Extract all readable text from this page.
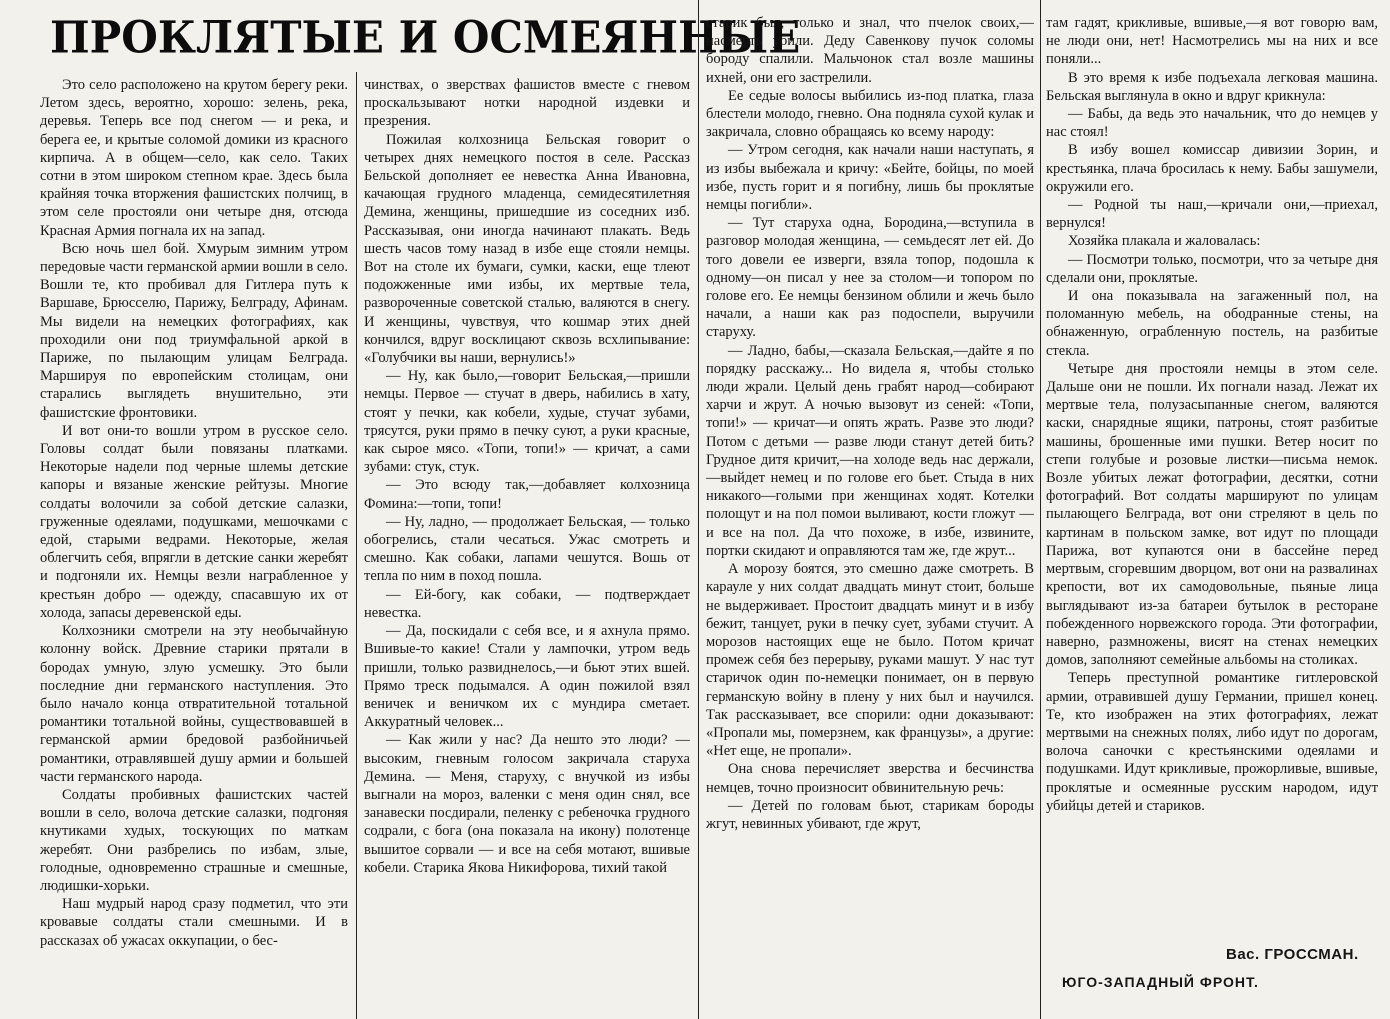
ПРОКЛЯТЫЕ И ОСМЕЯННЫЕ

Это село расположено на крутом берегу реки. Летом здесь, вероятно, хорошо: зелень, река, деревья. Теперь все под снегом — и река, и берега ее, и крытые соломой домики из красного кирпича. А в общем—село, как село. Таких сотни в этом широком степном крае. Здесь была крайняя точка вторжения фашистских полчищ, в этом селе простояли они четыре дня, отсюда Красная Армия погнала их на запад.

Всю ночь шел бой. Хмурым зимним утром передовые части германской армии вошли в село. Вошли те, кто пробивал для Гитлера путь к Варшаве, Брюсселю, Парижу, Белграду, Афинам. Мы видели на немецких фотографиях, как проходили они под триумфальной аркой в Париже, по пылающим улицам Белграда. Маршируя по европейским столицам, они старались выглядеть внушительно, эти фашистские фронтовики.

И вот они-то вошли утром в русское село. Головы солдат были повязаны платками. Некоторые надели под черные шлемы детские капоры и вязаные женские рейтузы. Многие солдаты волочили за собой детские салазки, груженные одеялами, подушками, мешочками с едой, старыми ведрами. Некоторые, желая облегчить себя, впрягли в детские санки жеребят и подгоняли их. Немцы везли награбленное у крестьян добро — одежду, спасавшую их от холода, запасы деревенской еды.

Колхозники смотрели на эту необычайную колонну войск. Древние старики прятали в бородах умную, злую усмешку. Это были последние дни германского наступления. Это было начало конца отвратительной тотальной романтики тотальной войны, существовавшей в германской армии бредовой разбойничьей романтики, отравлявшей душу армии и большей части германского народа.

Солдаты пробивных фашистских частей вошли в село, волоча детские салазки, подгоняя кнутиками худых, тоскующих по маткам жеребят. Они разбрелись по избам, злые, голодные, одновременно страшные и смешные, людишки-хорьки.

Наш мудрый народ сразу подметил, что эти кровавые солдаты стали смешными. И в рассказах об ужасах оккупации, о бес-

чинствах, о зверствах фашистов вместе с гневом проскальзывают нотки народной издевки и презрения.

Пожилая колхозница Бельская говорит о четырех днях немецкого постоя в селе. Рассказ Бельской дополняет ее невестка Анна Ивановна, качающая грудного младенца, семидесятилетняя Демина, женщины, пришедшие из соседних изб. Рассказывая, они иногда начинают плакать. Ведь шесть часов тому назад в избе еще стояли немцы. Вот на столе их бумаги, сумки, каски, еще тлеют подожженные ими избы, их мертвые тела, развороченные советской сталью, валяются в снегу. И женщины, чувствуя, что кошмар этих дней кончился, вдруг восклицают сквозь всхлипывание: «Голубчики вы наши, вернулись!»

— Ну, как было,—говорит Бельская,—пришли немцы. Первое — стучат в дверь, набились в хату, стоят у печки, как кобели, худые, стучат зубами, трясутся, руки прямо в печку суют, а руки красные, как сырое мясо. «Топи, топи!» — кричат, а сами зубами: стук, стук.

— Это всюду так,—добавляет колхозница Фомина:—топи, топи!

— Ну, ладно, — продолжает Бельская, — только обогрелись, стали чесаться. Ужас смотреть и смешно. Как собаки, лапами чешутся. Вошь от тепла по ним в поход пошла.

— Ей-богу, как собаки, — подтверждает невестка.

— Да, поскидали с себя все, и я ахнула прямо. Вшивые-то какие! Стали у лампочки, утром ведь пришли, только развиднелось,—и бьют этих вшей. Прямо треск подымался. А один пожилой взял веничек и веничком их с мундира сметает. Аккуратный человек...

— Как жили у нас? Да нешто это люди? — высоким, гневным голосом закричала старуха Демина. — Меня, старуху, с внучкой из избы выгнали на мороз, валенки с меня один снял, все занавески посдирали, пеленку с ребеночка грудного содрали, с бога (она показала на икону) полотенце вышитое сорвали — и все на себя мотают, вшивые кобели. Старика Якова Никифорова, тихий такой

старик был, только и знал, что пчелок своих,—насмерть убили. Деду Савенкову пучок соломы бороду спалили. Мальчонок стал возле машины ихней, они его застрелили.

Ее седые волосы выбились из-под платка, глаза блестели молодо, гневно. Она подняла сухой кулак и закричала, словно обращаясь ко всему народу:

— Утром сегодня, как начали наши наступать, я из избы выбежала и кричу: «Бейте, бойцы, по моей избе, пусть горит и я погибну, лишь бы проклятые немцы погибли».

— Тут старуха одна, Бородина,—вступила в разговор молодая женщина, — семьдесят лет ей. До того довели ее изверги, взяла топор, подошла к одному—он писал у нее за столом—и топором по голове его. Ее немцы бензином облили и жечь было начали, а наши как раз подоспели, выручили старуху.

— Ладно, бабы,—сказала Бельская,—дайте я по порядку расскажу... Но видела я, чтобы столько люди жрали. Целый день грабят народ—собирают харчи и жрут. А ночью вызовут из сеней: «Топи, топи!» — кричат—и опять жрать. Разве это люди? Потом с детьми — разве люди станут детей бить? Грудное дитя кричит,—на холоде ведь нас держали,—выйдет немец и по голове его бьет. Стыда в них никакого—голыми при женщинах ходят. Котелки полощут и на пол помои выливают, кости гложут — и все на пол. Да что похоже, в избе, извините, портки скидают и оправляются там же, где жрут...

А морозу боятся, это смешно даже смотреть. В карауле у них солдат двадцать минут стоит, больше не выдерживает. Простоит двадцать минут и в избу бежит, танцует, руки в печку сует, зубами стучит. А морозов настоящих еще не было. Потом кричат промеж себя без перерыву, руками машут. У нас тут старичок один по-немецки понимает, он в первую германскую войну в плену у них был и научился. Так рассказывает, все спорили: одни доказывают: «Пропали мы, померзнем, как французы», а другие: «Нет еще, не пропали».

Она снова перечисляет зверства и бесчинства немцев, точно произносит обвинительную речь:

— Детей по головам бьют, старикам бороды жгут, невинных убивают, где жрут,

там гадят, крикливые, вшивые,—я вот говорю вам, не люди они, нет! Насмотрелись мы на них и все поняли...

В это время к избе подъехала легковая машина. Бельская выглянула в окно и вдруг крикнула:

— Бабы, да ведь это начальник, что до немцев у нас стоял!

В избу вошел комиссар дивизии Зорин, и крестьянка, плача бросилась к нему. Бабы зашумели, окружили его.

— Родной ты наш,—кричали они,—приехал, вернулся!

Хозяйка плакала и жаловалась:

— Посмотри только, посмотри, что за четыре дня сделали они, проклятые.

И она показывала на загаженный пол, на поломанную мебель, на ободранные стены, на обнаженную, ограбленную постель, на разбитые стекла.

Четыре дня простояли немцы в этом селе. Дальше они не пошли. Их погнали назад. Лежат их мертвые тела, полузасыпанные снегом, валяются каски, снарядные ящики, патроны, стоят разбитые машины, брошенные ими пушки. Ветер носит по степи голубые и розовые листки—письма немок. Возле убитых лежат фотографии, десятки, сотни фотографий. Вот солдаты маршируют по улицам пылающего Белграда, вот они стреляют в цель по картинам в польском замке, вот идут по площади Парижа, вот купаются они в бассейне перед мертвым, сгоревшим дворцом, вот они на развалинах крепости, вот их самодовольные, пьяные лица выглядывают из-за батареи бутылок в ресторане побежденного норвежского города. Эти фотографии, наверно, размножены, висят на стенах немецких домов, заполняют семейные альбомы на столиках.

Теперь преступной романтике гитлеровской армии, отравившей душу Германии, пришел конец. Те, кто изображен на этих фотографиях, лежат мертвыми на снежных полях, либо идут по дорогам, волоча саночки с крестьянскими одеялами и подушками. Идут крикливые, прожорливые, вшивые, проклятые и осмеянные русским народом, идут убийцы детей и стариков.

Вас. ГРОССМАН.
ЮГО-ЗАПАДНЫЙ ФРОНТ.
